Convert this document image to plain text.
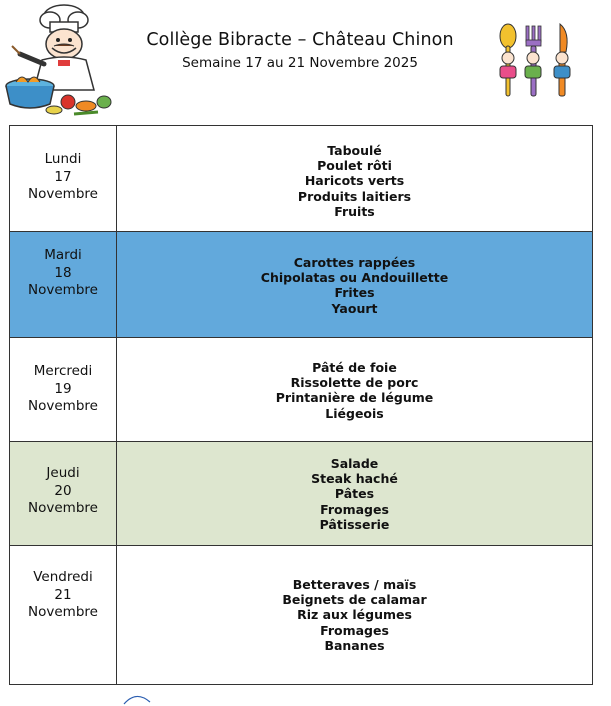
Collège Bibracte – Château Chinon
Semaine 17 au 21 Novembre 2025
Lundi
17
Novembre
Taboulé
Poulet rôti
Haricots verts
Produits laitiers
Fruits
Mardi
18
Novembre
Carottes rappées
Chipolatas ou Andouillette
Frites
Yaourt
Mercredi
19
Novembre
Pâté de foie
Rissolette de porc
Printanière de légume
Liégeois
Jeudi
20
Novembre
Salade
Steak haché
Pâtes
Fromages
Pâtisserie
Vendredi
21
Novembre
Betteraves / maïs
Beignets de calamar
Riz aux légumes
Fromages
Bananes
